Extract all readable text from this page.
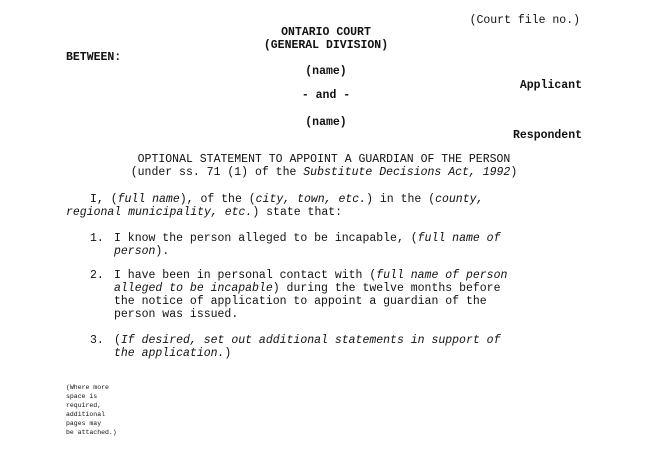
(Court file no.)
ONTARIO COURT
(GENERAL DIVISION)
BETWEEN:
(name)
Applicant
- and -
(name)
Respondent
OPTIONAL STATEMENT TO APPOINT A GUARDIAN OF THE PERSON
(under ss. 71 (1) of the Substitute Decisions Act, 1992)
I, (full name), of the (city, town, etc.) in the (county,
regional municipality, etc.) state that:
1. I know the person alleged to be incapable, (full name of
person).
2. I have been in personal contact with (full name of person
alleged to be incapable) during the twelve months before
the notice of application to appoint a guardian of the
person was issued.
3. (If desired, set out additional statements in support of
the application.)
(Where more
space is
required,
additional
pages may
be attached.)
